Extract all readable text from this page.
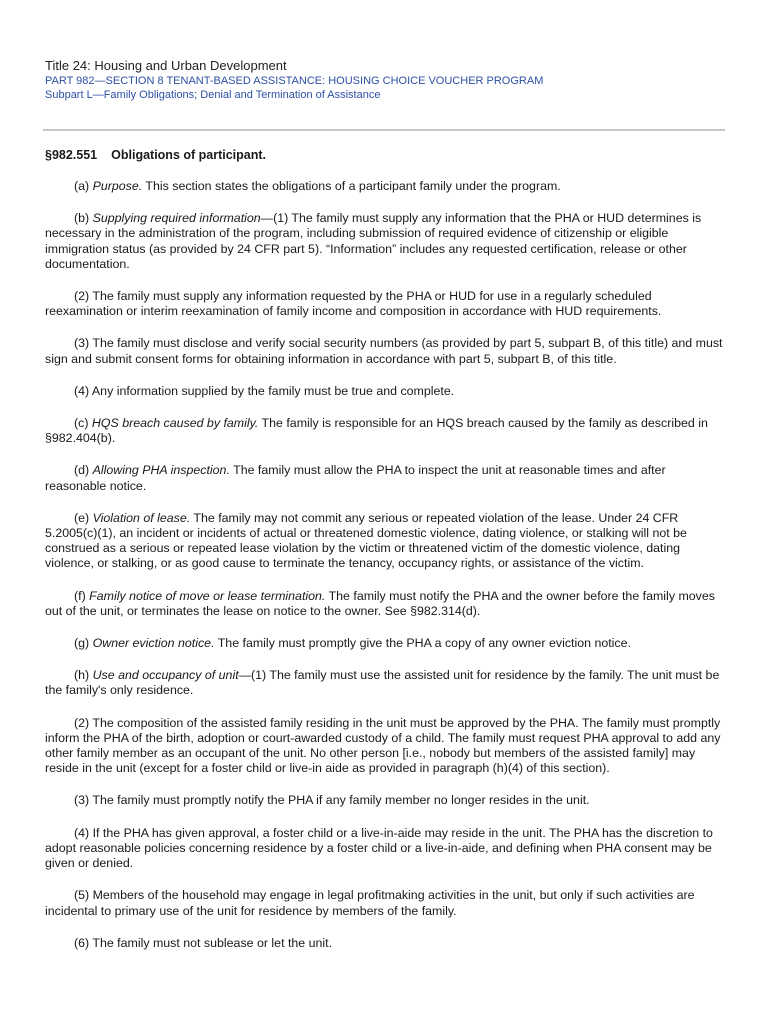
Title 24: Housing and Urban Development
PART 982—SECTION 8 TENANT-BASED ASSISTANCE: HOUSING CHOICE VOUCHER PROGRAM
Subpart L—Family Obligations; Denial and Termination of Assistance
§982.551 Obligations of participant.

(a) Purpose. This section states the obligations of a participant family under the program.

(b) Supplying required information—(1) The family must supply any information that the PHA or HUD determines is necessary in the administration of the program, including submission of required evidence of citizenship or eligible immigration status (as provided by 24 CFR part 5). “Information” includes any requested certification, release or other documentation.

(2) The family must supply any information requested by the PHA or HUD for use in a regularly scheduled reexamination or interim reexamination of family income and composition in accordance with HUD requirements.

(3) The family must disclose and verify social security numbers (as provided by part 5, subpart B, of this title) and must sign and submit consent forms for obtaining information in accordance with part 5, subpart B, of this title.

(4) Any information supplied by the family must be true and complete.

(c) HQS breach caused by family. The family is responsible for an HQS breach caused by the family as described in §982.404(b).

(d) Allowing PHA inspection. The family must allow the PHA to inspect the unit at reasonable times and after reasonable notice.

(e) Violation of lease. The family may not commit any serious or repeated violation of the lease. Under 24 CFR 5.2005(c)(1), an incident or incidents of actual or threatened domestic violence, dating violence, or stalking will not be construed as a serious or repeated lease violation by the victim or threatened victim of the domestic violence, dating violence, or stalking, or as good cause to terminate the tenancy, occupancy rights, or assistance of the victim.

(f) Family notice of move or lease termination. The family must notify the PHA and the owner before the family moves out of the unit, or terminates the lease on notice to the owner. See §982.314(d).

(g) Owner eviction notice. The family must promptly give the PHA a copy of any owner eviction notice.

(h) Use and occupancy of unit—(1) The family must use the assisted unit for residence by the family. The unit must be the family's only residence.

(2) The composition of the assisted family residing in the unit must be approved by the PHA. The family must promptly inform the PHA of the birth, adoption or court-awarded custody of a child. The family must request PHA approval to add any other family member as an occupant of the unit. No other person [i.e., nobody but members of the assisted family] may reside in the unit (except for a foster child or live-in aide as provided in paragraph (h)(4) of this section).

(3) The family must promptly notify the PHA if any family member no longer resides in the unit.

(4) If the PHA has given approval, a foster child or a live-in-aide may reside in the unit. The PHA has the discretion to adopt reasonable policies concerning residence by a foster child or a live-in-aide, and defining when PHA consent may be given or denied.

(5) Members of the household may engage in legal profitmaking activities in the unit, but only if such activities are incidental to primary use of the unit for residence by members of the family.

(6) The family must not sublease or let the unit.
